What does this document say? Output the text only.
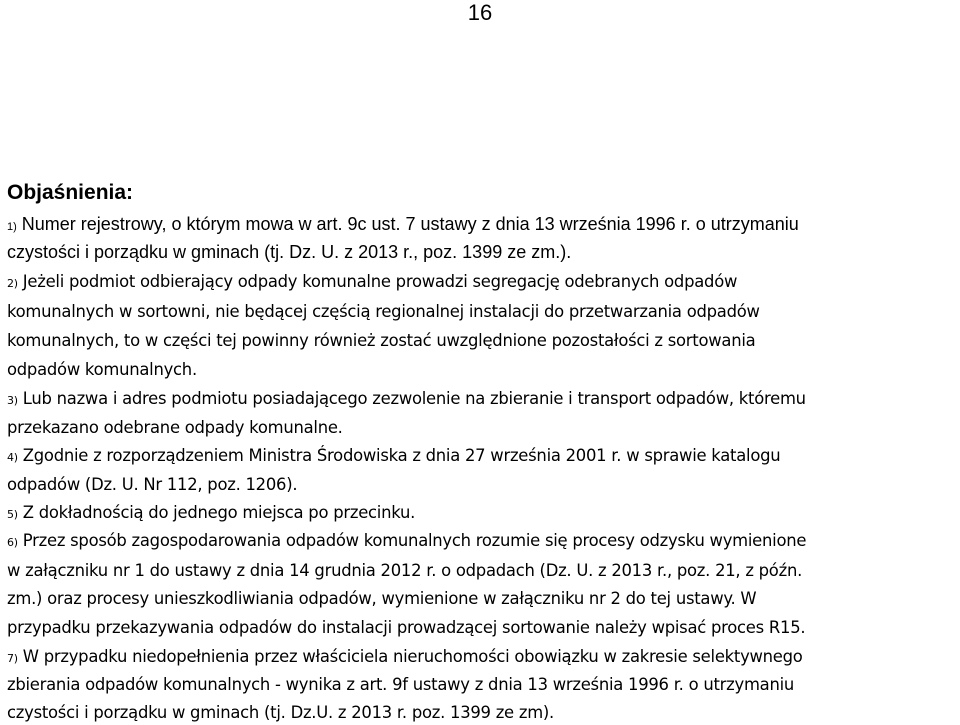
16
Objaśnienia:
1) Numer rejestrowy, o którym mowa w art. 9c ust. 7 ustawy z dnia 13 września 1996 r. o utrzymaniu
czystości i porządku w gminach (tj. Dz. U. z 2013 r., poz. 1399 ze zm.).
2) Jeżeli podmiot odbierający odpady komunalne prowadzi segregację odebranych odpadów
komunalnych w sortowni, nie będącej częścią regionalnej instalacji do przetwarzania odpadów
komunalnych, to w części tej powinny również zostać uwzględnione pozostałości z sortowania
odpadów komunalnych.
3) Lub nazwa i adres podmiotu posiadającego zezwolenie na zbieranie i transport odpadów, któremu
przekazano odebrane odpady komunalne.
4) Zgodnie z rozporządzeniem Ministra Środowiska z dnia 27 września 2001 r. w sprawie katalogu
odpadów (Dz. U. Nr 112, poz. 1206).
5) Z dokładnością do jednego miejsca po przecinku.
6) Przez sposób zagospodarowania odpadów komunalnych rozumie się procesy odzysku wymienione
w załączniku nr 1 do ustawy z dnia 14 grudnia 2012 r. o odpadach (Dz. U. z 2013 r., poz. 21, z późn.
zm.) oraz procesy unieszkodliwiania odpadów, wymienione w załączniku nr 2 do tej ustawy. W
przypadku przekazywania odpadów do instalacji prowadzącej sortowanie należy wpisać proces R15.
7) W przypadku niedopełnienia przez właściciela nieruchomości obowiązku w zakresie selektywnego
zbierania odpadów komunalnych - wynika z art. 9f ustawy z dnia 13 września 1996 r. o utrzymaniu
czystości i porządku w gminach (tj. Dz.U. z 2013 r. poz. 1399 ze zm).
